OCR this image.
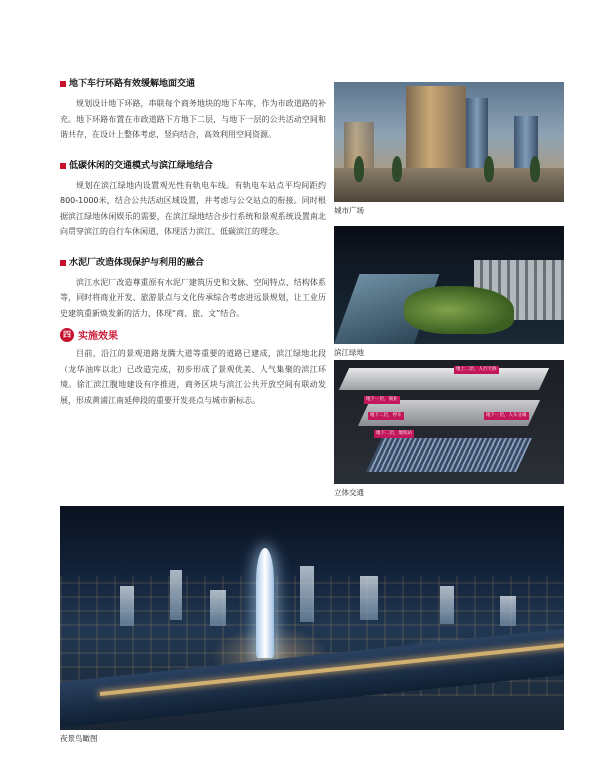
地下车行环路有效缓解地面交通

规划设计地下环路，串联每个商务地块的地下车库，作为市政道路的补充。地下环路布置在市政道路下方地下二层，与地下一层的公共活动空间和谐共存，在设计上整体考虑，竖向结合，高效利用空间资源。

低碳休闲的交通模式与滨江绿地结合

规划在滨江绿地内设置观光性有轨电车线。有轨电车站点平均间距约800-1000米，结合公共活动区域设置，并考虑与公交站点的衔接。同时根据滨江绿地休闲娱乐的需要，在滨江绿地结合步行系统和景观系统设置南北向贯穿滨江的自行车休闲道，体现活力滨江、低碳滨江的理念。

水泥厂改造体现保护与利用的融合

滨江水泥厂改造尊重原有水泥厂建筑历史和文脉、空间特点、结构体系等，同时将商业开发、旅游景点与文化传承综合考虑进远景规划，让工业历史建筑重新焕发新的活力，体现“商、旅、文”结合。

四 实施效果

目前，沿江的景观道路龙腾大道等重要的道路已建成，滨江绿地北段（龙华油库以北）已改造完成，初步形成了景观优美、人气集聚的滨江环境。徐汇滨江腹地建设有序推进，商务区块与滨江公共开放空间有联动发展，形成黄浦江南延伸段的重要开发亮点与城市新标志。

城市广场
滨江绿地
地上二层，人行天桥
地下一层，商业
地下二层，停车	地下一层，人车分离
地下二层，地铁站
立体交通
夜景鸟瞰图
